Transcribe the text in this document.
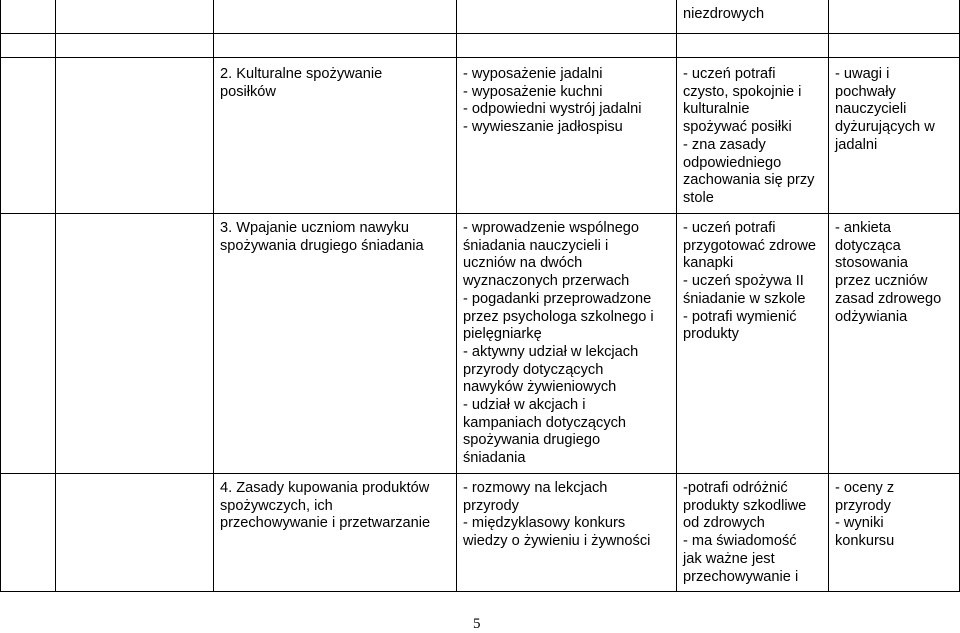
niezdrowych
2. Kulturalne spożywanie
posiłków
- wyposażenie jadalni
- wyposażenie kuchni
- odpowiedni wystrój jadalni
- wywieszanie jadłospisu
- uczeń potrafi
czysto, spokojnie i
kulturalnie
spożywać posiłki
- zna zasady
odpowiedniego
zachowania się przy
stole
- uwagi i
pochwały
nauczycieli
dyżurujących w
jadalni
3. Wpajanie uczniom nawyku
spożywania drugiego śniadania
- wprowadzenie wspólnego
śniadania nauczycieli i
uczniów na dwóch
wyznaczonych przerwach
- pogadanki przeprowadzone
przez psychologa szkolnego i
pielęgniarkę
- aktywny udział w lekcjach
przyrody dotyczących
nawyków żywieniowych
- udział w akcjach i
kampaniach dotyczących
spożywania drugiego
śniadania
- uczeń potrafi
przygotować zdrowe
kanapki
- uczeń spożywa II
śniadanie w szkole
- potrafi wymienić
produkty
- ankieta
dotycząca
stosowania
przez uczniów
zasad zdrowego
odżywiania
4. Zasady kupowania produktów
spożywczych, ich
przechowywanie i przetwarzanie
- rozmowy na lekcjach
przyrody
- międzyklasowy konkurs
wiedzy o żywieniu i żywności
-potrafi odróżnić
produkty szkodliwe
od zdrowych
- ma świadomość
jak ważne jest
przechowywanie i
- oceny z
przyrody
- wyniki
konkursu
5
